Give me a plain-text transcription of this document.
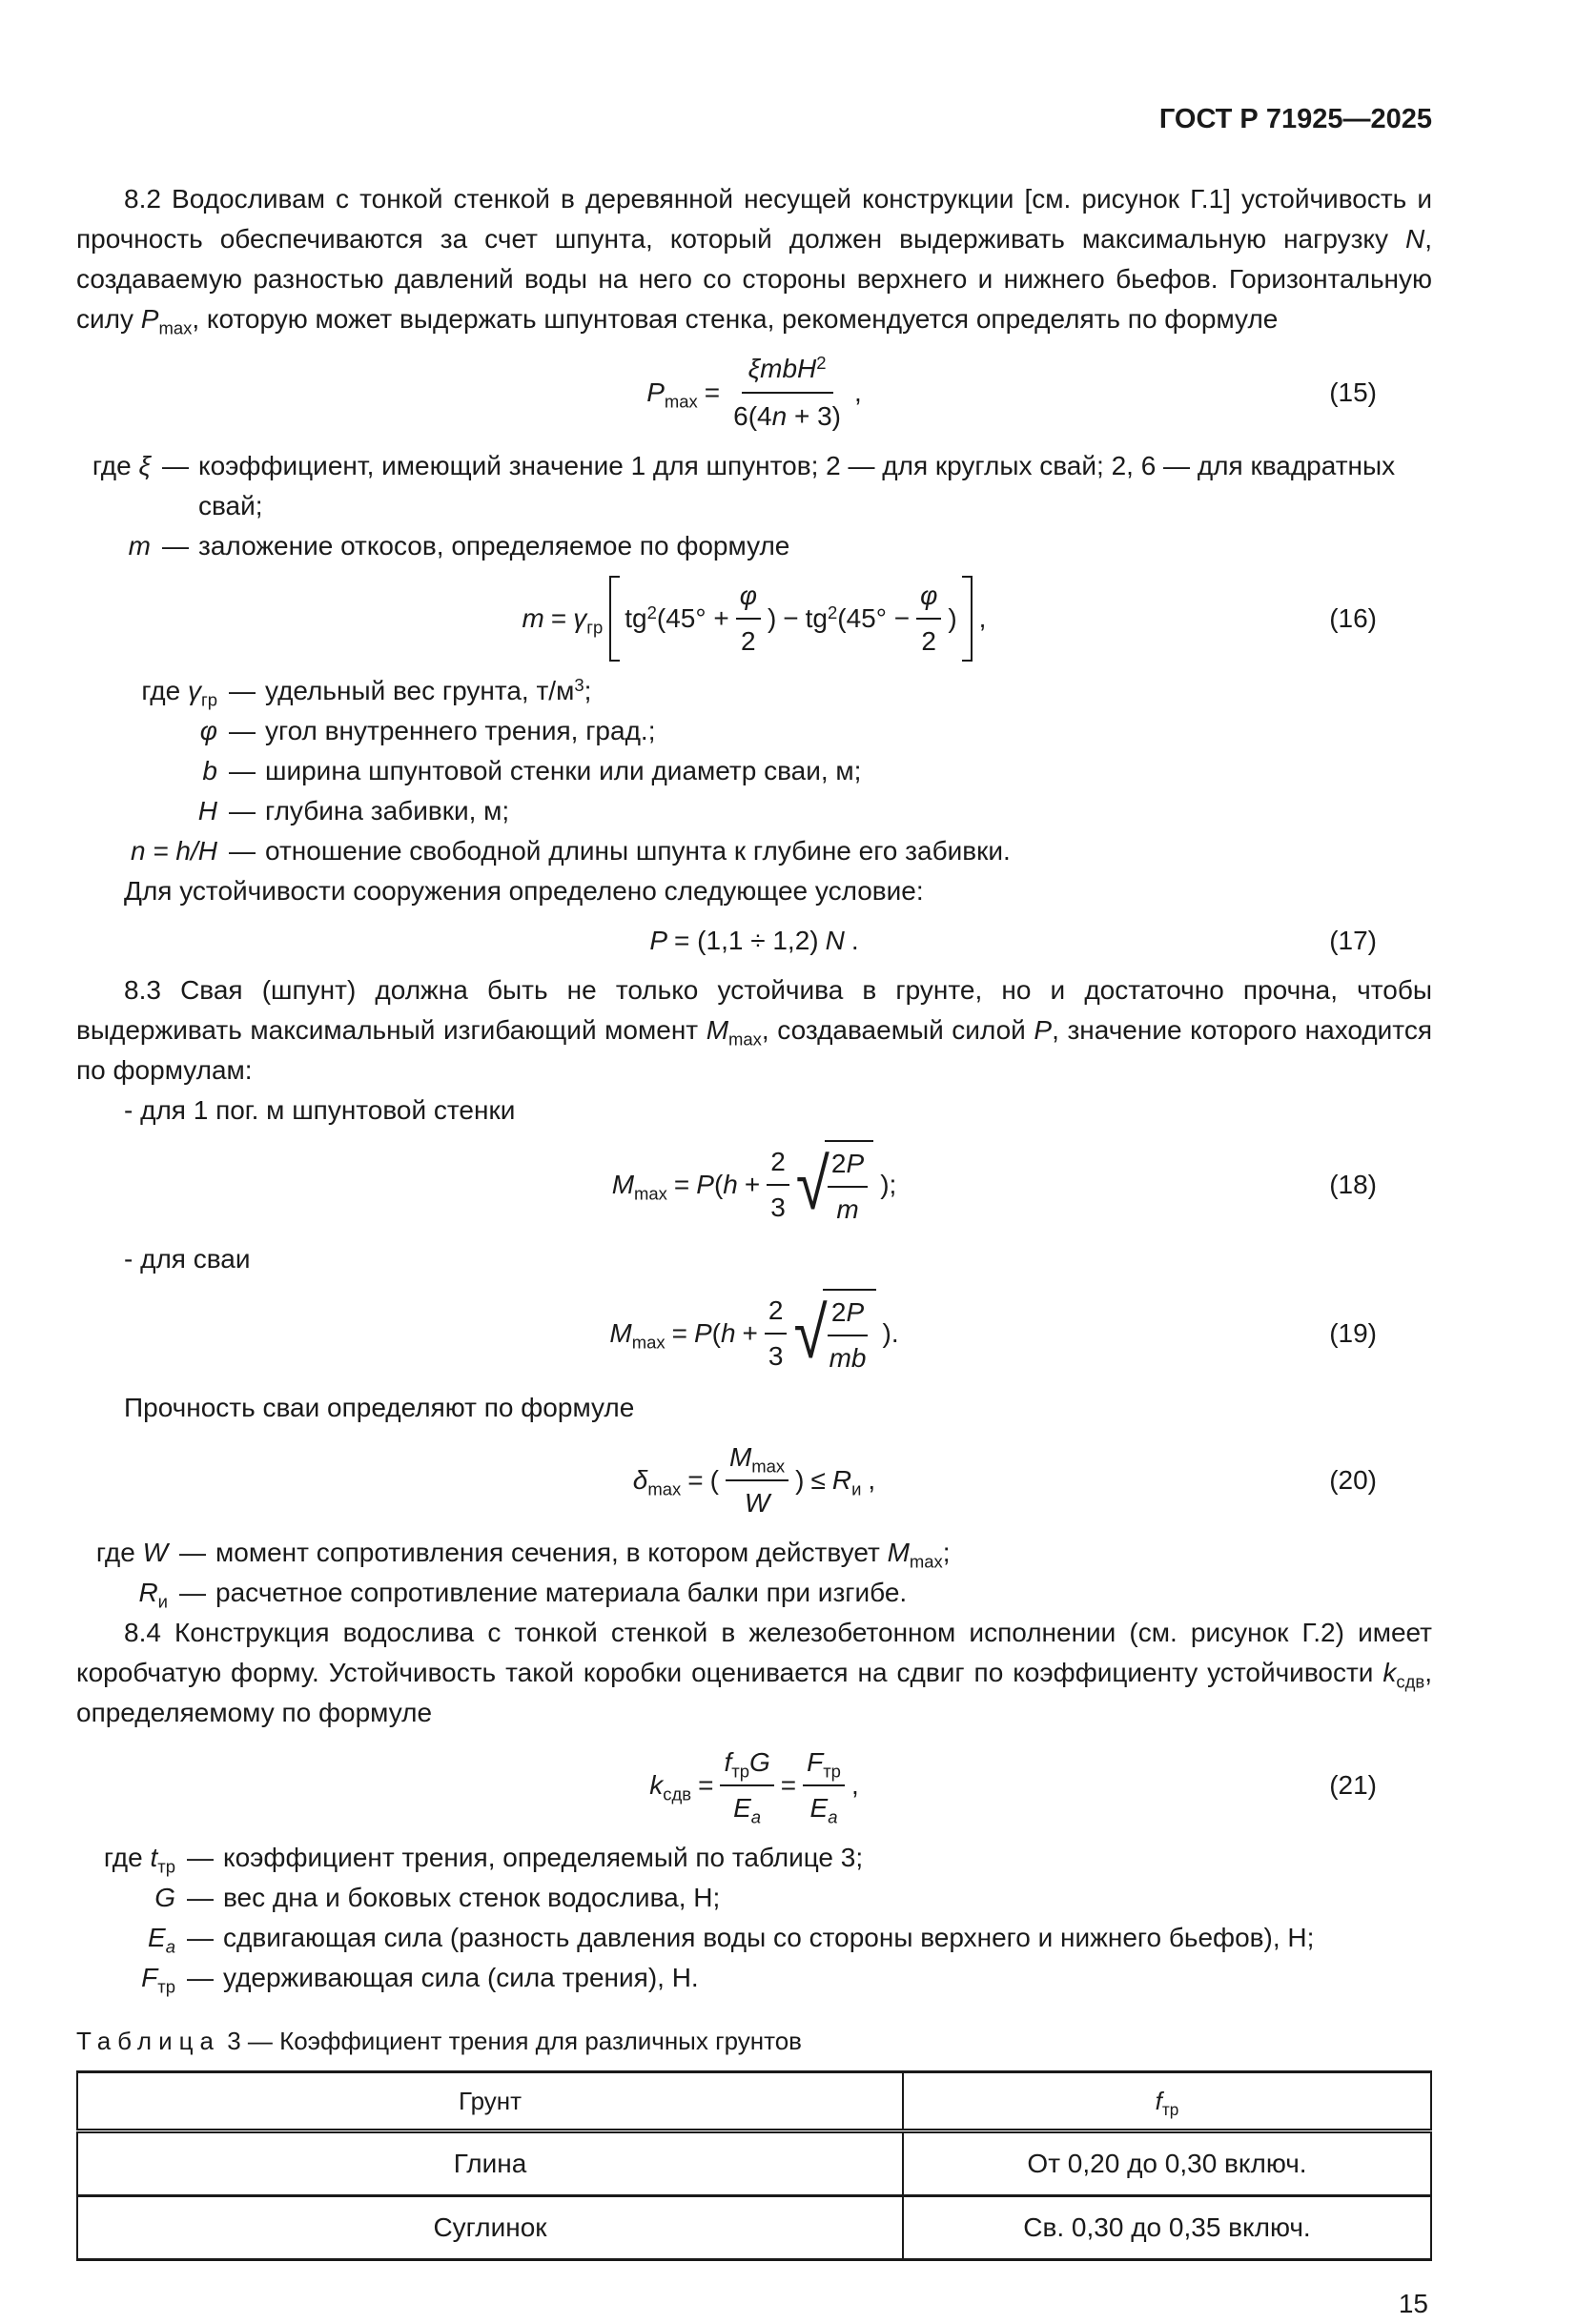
ГОСТ Р 71925—2025

8.2 Водосливам с тонкой стенкой в деревянной несущей конструкции [см. рисунок Г.1] устойчивость и прочность обеспечиваются за счет шпунта, который должен выдерживать максимальную нагрузку N, создаваемую разностью давлений воды на него со стороны верхнего и нижнего бьефов. Горизонтальную силу $P_{max}$, которую может выдержать шпунтовая стенка, рекомендуется определять по формуле

$P_{max}$ =
ξmbH$^2$
6(4n + 3)
,	(15)
где ξ — коэффициент, имеющий значение 1 для шпунтов; 2 — для круглых свай; 2, 6 — для квадратных свай;
m — заложение откосов, определяемое по формуле
$m = \gamma_{гр}$ $tg^2(45^\circ + \frac{\varphi}{2}$ ) − $tg^2(45^\circ - \frac{\varphi}{2}$ ) ,	(16)
где $\gamma_{гр}$ — удельный вес грунта, $т/м^3$;
φ — угол внутреннего трения, град.;
b — ширина шпунтовой стенки или диаметр сваи, м;
H — глубина забивки, м;
n = h/H — отношение свободной длины шпунта к глубине его забивки.

Для устойчивости сооружения определено следующее условие:

P = (1,1 ÷ 1,2) N .	(17)

8.3 Свая (шпунт) должна быть не только устойчива в грунте, но и достаточно прочна, чтобы выдерживать максимальный изгибающий момент $M_{max}$, создаваемый силой P, значение которого находится по формулам:

- для 1 пог. м шпунтовой стенки

$M_{max} = P(h + \frac{2}{3}$ √
$\frac{2P}{m}$ );	(18)

- для сваи

$M_{max} = P(h + \frac{2}{3}$ √
$\frac{2P}{mb}$ ).	(19)

Прочность сваи определяют по формуле

$\delta_{max}$ = (
$M_{max}$
W
) ≤ $R_и$ ,	(20)
где W — момент сопротивления сечения, в котором действует $M_{max}$;
$R_и$ — расчетное сопротивление материала балки при изгибе.

8.4 Конструкция водослива с тонкой стенкой в железобетонном исполнении (см. рисунок Г.2) имеет коробчатую форму. Устойчивость такой коробки оценивается на сдвиг по коэффициенту устойчивости $k_{сдв}$, определяемому по формуле

$k_{сдв}$ =
$f_{тр}G$
$E_a$
=
$F_{тр}$
$E_a$
,	(21)
где $t_{тр}$ — коэффициент трения, определяемый по таблице 3;
G — вес дна и боковых стенок водослива, Н;
$E_a$ — сдвигающая сила (разность давления воды со стороны верхнего и нижнего бьефов), Н;
$F_{тр}$ — удерживающая сила (сила трения), Н.
Таблица 3 — Коэффициент трения для различных грунтов
Грунт	$f_{тр}$
Глина	От 0,20 до 0,30 включ.
Суглинок	Св. 0,30 до 0,35 включ.
15
